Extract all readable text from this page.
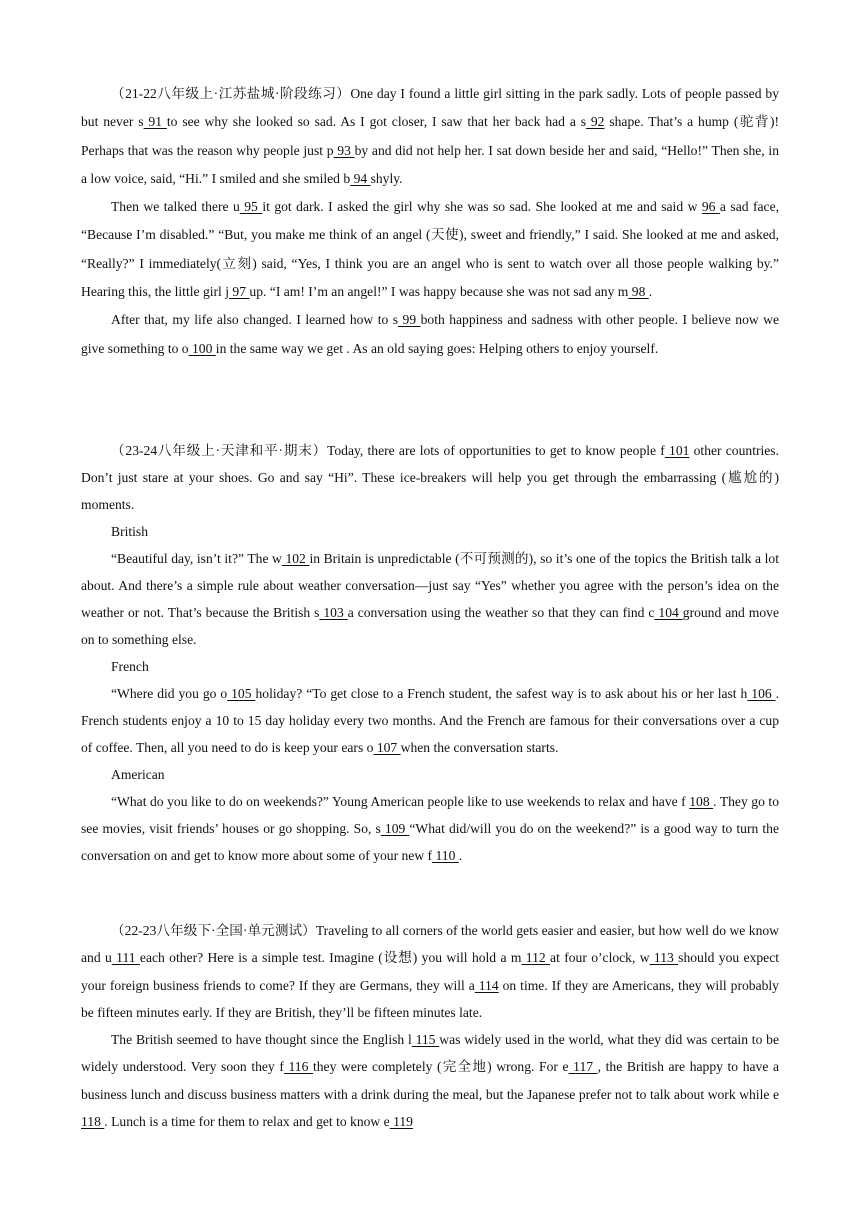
（21-22八年级上·江苏盐城·阶段练习）One day I found a little girl sitting in the park sadly. Lots of people passed by but never s 91 to see why she looked so sad. As I got closer, I saw that her back had a s 92 shape. That’s a hump (驼背)! Perhaps that was the reason why people just p 93 by and did not help her. I sat down beside her and said, “Hello!” Then she, in a low voice, said, “Hi.” I smiled and she smiled b 94 shyly.

Then we talked there u 95 it got dark. I asked the girl why she was so sad. She looked at me and said w 96 a sad face, “Because I’m disabled.” “But, you make me think of an angel (天使), sweet and friendly,” I said. She looked at me and asked, “Really?” I immediately(立刻) said, “Yes, I think you are an angel who is sent to watch over all those people walking by.” Hearing this, the little girl j 97 up. “I am! I’m an angel!” I was happy because she was not sad any m 98 .

After that, my life also changed. I learned how to s 99 both happiness and sadness with other people. I believe now we give something to o 100 in the same way we get . As an old saying goes: Helping others to enjoy yourself.

（23-24八年级上·天津和平·期末）Today, there are lots of opportunities to get to know people f 101 other countries. Don’t just stare at your shoes. Go and say “Hi”. These ice-breakers will help you get through the embarrassing (尴尬的) moments.

British

“Beautiful day, isn’t it?” The w 102 in Britain is unpredictable (不可预测的), so it’s one of the topics the British talk a lot about. And there’s a simple rule about weather conversation—just say “Yes” whether you agree with the person’s idea on the weather or not. That’s because the British s 103 a conversation using the weather so that they can find c 104 ground and move on to something else.

French

“Where did you go o 105 holiday? “To get close to a French student, the safest way is to ask about his or her last h 106 . French students enjoy a 10 to 15 day holiday every two months. And the French are famous for their conversations over a cup of coffee. Then, all you need to do is keep your ears o 107 when the conversation starts.

American

“What do you like to do on weekends?” Young American people like to use weekends to relax and have f 108 . They go to see movies, visit friends’ houses or go shopping. So, s 109 “What did/will you do on the weekend?” is a good way to turn the conversation on and get to know more about some of your new f 110 .

（22-23八年级下·全国·单元测试）Traveling to all corners of the world gets easier and easier, but how well do we know and u 111 each other? Here is a simple test. Imagine (设想) you will hold a m 112 at four o’clock, w 113 should you expect your foreign business friends to come? If they are Germans, they will a 114 on time. If they are Americans, they will probably be fifteen minutes early. If they are British, they’ll be fifteen minutes late.

The British seemed to have thought since the English l 115 was widely used in the world, what they did was certain to be widely understood. Very soon they f 116 they were completely (完全地) wrong. For e 117 , the British are happy to have a business lunch and discuss business matters with a drink during the meal, but the Japanese prefer not to talk about work while e 118 . Lunch is a time for them to relax and get to know e 119
